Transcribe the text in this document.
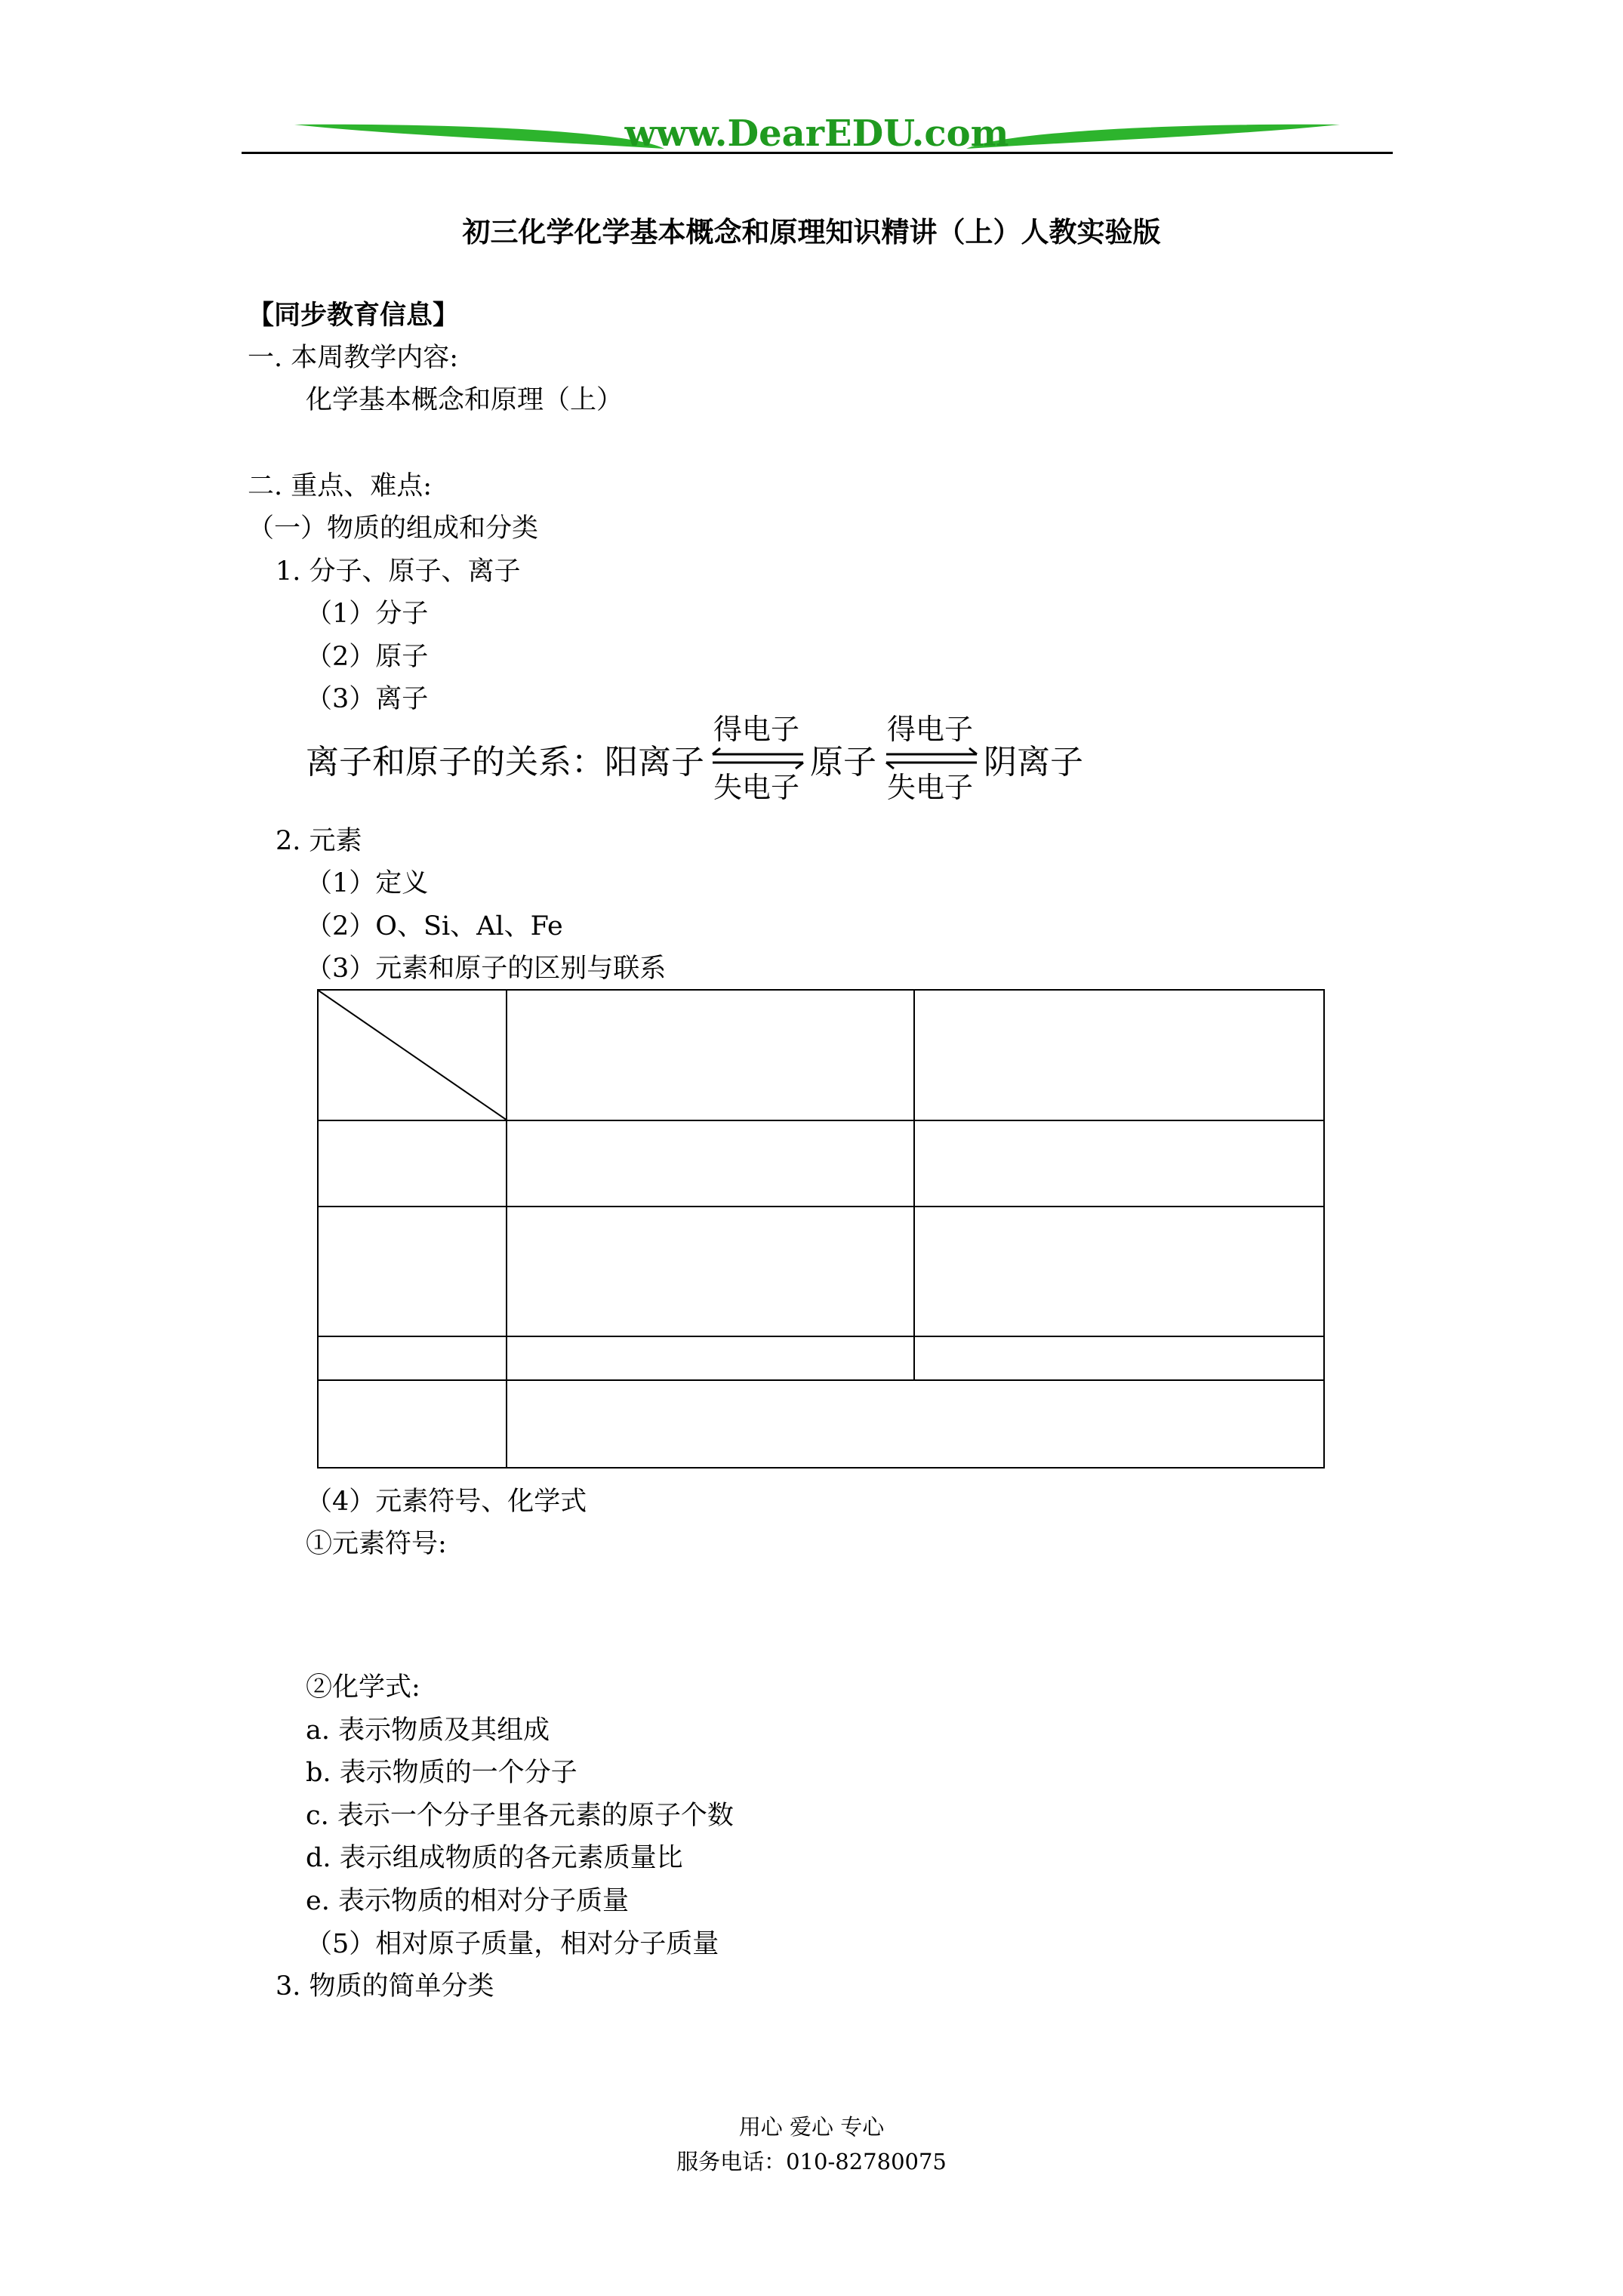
www.DearEDU.com
初三化学化学基本概念和原理知识精讲（上）人教实验版
【同步教育信息】
一. 本周教学内容:
化学基本概念和原理（上）
二. 重点、难点:
（一）物质的组成和分类
1. 分子、原子、离子
（1）分子
（2）原子
（3）离子
离子和原子的关系：阳离子
得电子
失电子
原子
得电子
失电子
阴离子
2. 元素
（1）定义
（2）O、Si、Al、Fe
（3）元素和原子的区别与联系
（4）元素符号、化学式
①元素符号:
②化学式:
a. 表示物质及其组成
b. 表示物质的一个分子
c. 表示一个分子里各元素的原子个数
d. 表示组成物质的各元素质量比
e. 表示物质的相对分子质量
（5）相对原子质量，相对分子质量
3. 物质的简单分类
用心 爱心 专心
服务电话：010-82780075
